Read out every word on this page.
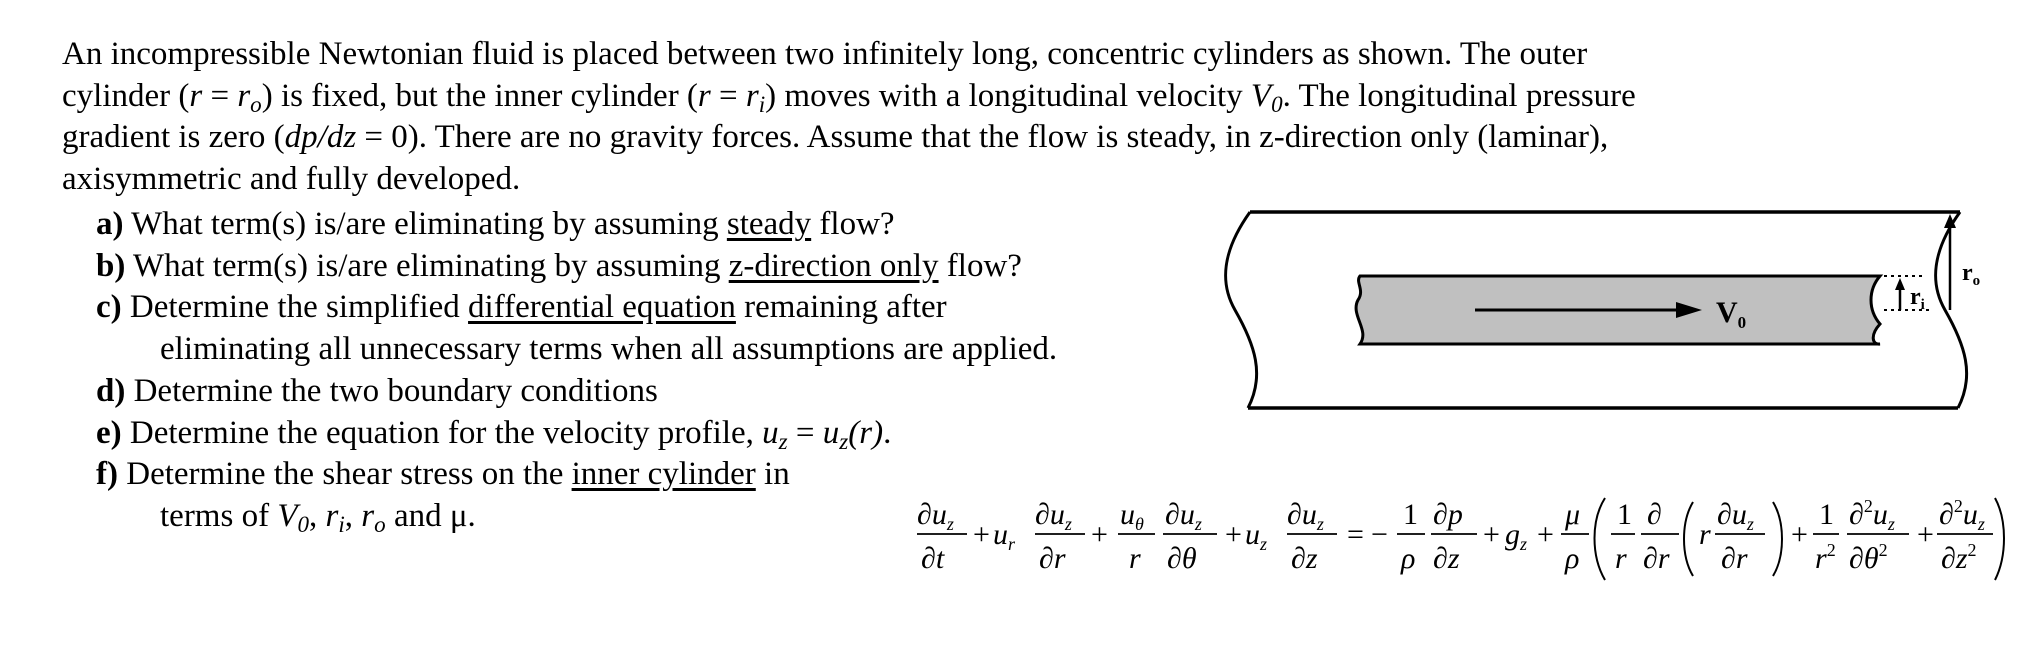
An incompressible Newtonian fluid is placed between two infinitely long, concentric cylinders as shown. The outer

cylinder $(r = r_o)$ is fixed, but the inner cylinder $(r = r_i)$ moves with a longitudinal velocity $V_0$. The longitudinal pressure

gradient is zero (dp/dz = 0). There are no gravity forces. Assume that the flow is steady, in z-direction only (laminar),

axisymmetric and fully developed.

a) What term(s) is/are eliminating by assuming steady flow?
b) What term(s) is/are eliminating by assuming z-direction only flow?
c) Determine the simplified differential equation remaining after
eliminating all unnecessary terms when all assumptions are applied.
d) Determine the two boundary conditions
e) Determine the equation for the velocity profile, $u_z = u_z(r)$.
f) Determine the shear stress on the inner cylinder in
terms of $V_0$, $r_i$, $r_o$ and μ.
$V_0$
$r_i$
$r_o$
$\partial u_z$
∂t
+ $u_r$
$\partial u_z$
∂r
+
$u_\theta$
r
$\partial u_z$
∂θ
+ $u_z$
$\partial u_z$
∂z
= −
1
ρ
∂p
∂z
+ $g_z$ +
μ
ρ
1
r
∂
∂r
r
$\partial u_z$
∂r
+
1
$r^2$
$\partial^2u_z$
$\partial\theta^2$ +
$\partial^2u_z$
$\partial z^2$
